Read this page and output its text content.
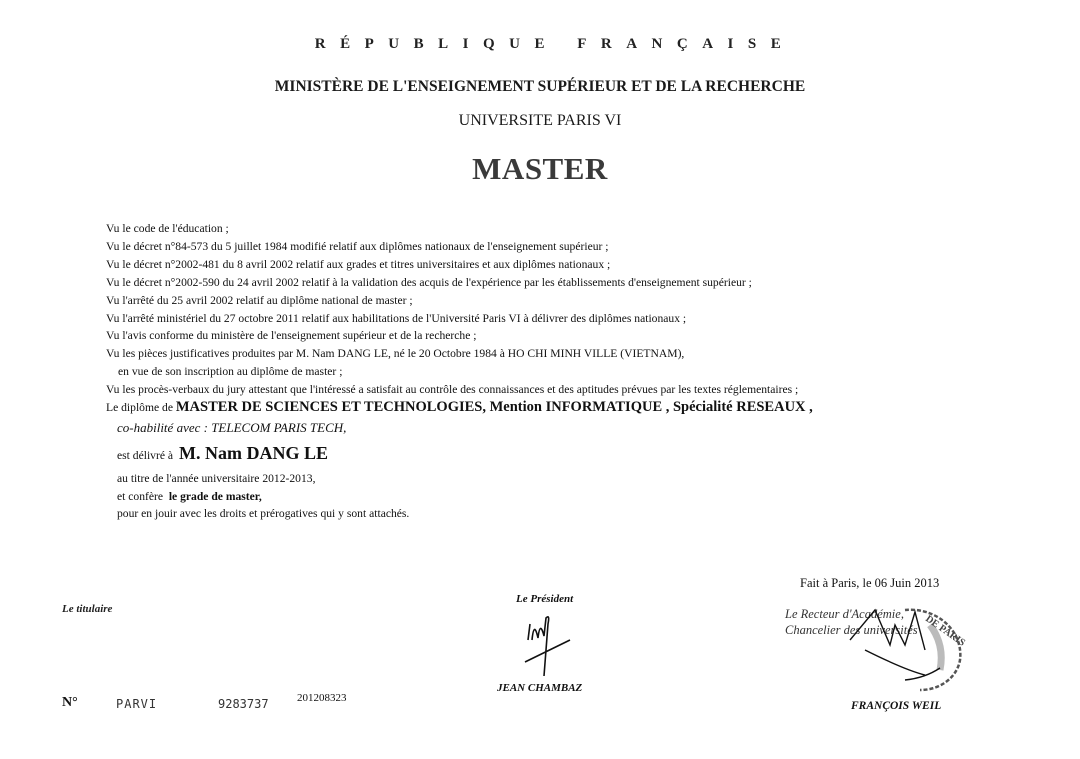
RÉPUBLIQUE FRANÇAISE
MINISTÈRE DE L'ENSEIGNEMENT SUPÉRIEUR ET DE LA RECHERCHE
UNIVERSITE PARIS VI
MASTER
Vu le code de l'éducation ;
Vu le décret n°84-573 du 5 juillet 1984 modifié relatif aux diplômes nationaux de l'enseignement supérieur ;
Vu le décret n°2002-481 du 8 avril 2002 relatif aux grades et titres universitaires et aux diplômes nationaux ;
Vu le décret n°2002-590 du 24 avril 2002 relatif à la validation des acquis de l'expérience par les établissements d'enseignement supérieur ;
Vu l'arrêté du 25 avril 2002 relatif au diplôme national de master ;
Vu l'arrêté ministériel du 27 octobre 2011 relatif aux habilitations de l'Université Paris VI à délivrer des diplômes nationaux ;
Vu l'avis conforme du ministère de l'enseignement supérieur et de la recherche ;
Vu les pièces justificatives produites par M. Nam DANG LE, né le 20 Octobre 1984 à HO CHI MINH VILLE (VIETNAM),
en vue de son inscription au diplôme de master ;
Vu les procès-verbaux du jury attestant que l'intéressé a satisfait au contrôle des connaissances et des aptitudes prévues par les textes réglementaires ;
Le diplôme de MASTER DE SCIENCES ET TECHNOLOGIES, Mention INFORMATIQUE , Spécialité RESEAUX ,
co-habilité avec : TELECOM PARIS TECH,
est délivré à M. Nam DANG LE
au titre de l'année universitaire 2012-2013,
et confère le grade de master,
pour en jouir avec les droits et prérogatives qui y sont attachés.
Fait à Paris, le 06 Juin 2013
Le titulaire
Le Président
JEAN CHAMBAZ
Le Recteur d'Académie,
Chancelier des universités DE PARIS
FRANÇOIS WEIL
N°	PARVI	9283737	201208323
